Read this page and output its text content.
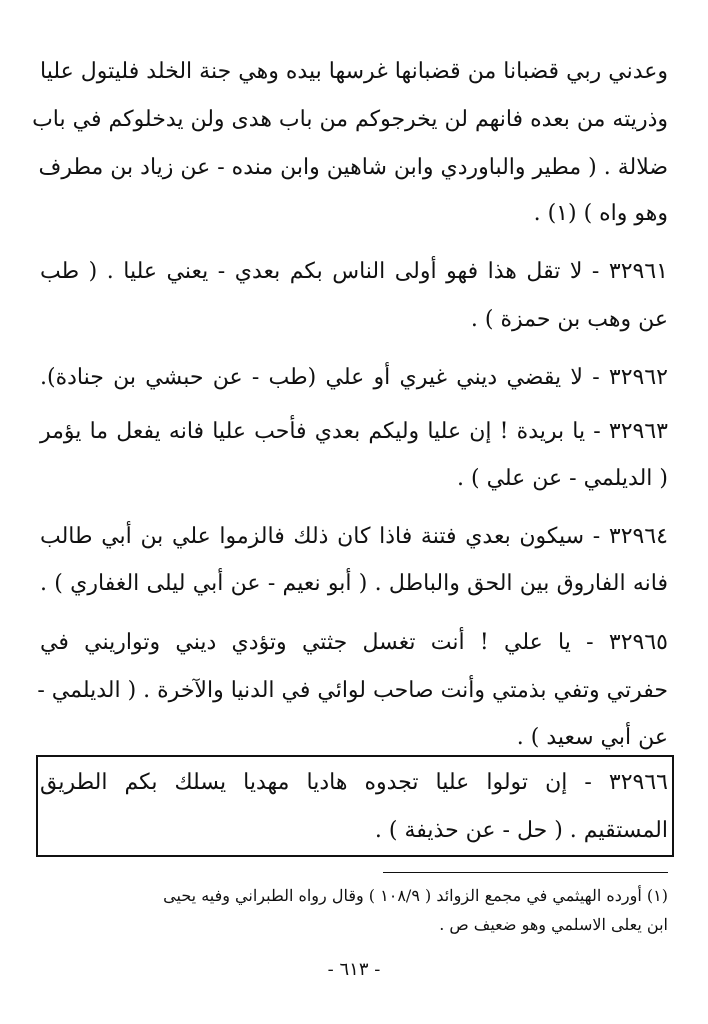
وعدني ربي قضبانا من قضبانها غرسها بيده وهي جنة الخلد فليتول عليا
وذريته من بعده فانهم لن يخرجوكم من باب هدى ولن يدخلوكم في باب
ضلالة . ( مطير والباوردي وابن شاهين وابن منده - عن زياد بن مطرف
وهو واه ) (١) .
٣٢٩٦١ - لا تقل هذا فهو أولى الناس بكم بعدي - يعني عليا . ( طب
عن وهب بن حمزة ) .
٣٢٩٦٢ - لا يقضي ديني غيري أو علي (طب - عن حبشي بن جنادة).
٣٢٩٦٣ - يا بريدة ! إن عليا وليكم بعدي فأحب عليا فانه يفعل ما يؤمر
( الديلمي - عن علي ) .
٣٢٩٦٤ - سيكون بعدي فتنة فاذا كان ذلك فالزموا علي بن أبي طالب
فانه الفاروق بين الحق والباطل . ( أبو نعيم - عن أبي ليلى الغفاري ) .
٣٢٩٦٥ - يا علي ! أنت تغسل جثتي وتؤدي ديني وتواريني في
حفرتي وتفي بذمتي وأنت صاحب لوائي في الدنيا والآخرة . ( الديلمي -
عن أبي سعيد ) .
٣٢٩٦٦ - إن تولوا عليا تجدوه هاديا مهديا يسلك بكم الطريق
المستقيم . ( حل - عن حذيفة ) .
(١) أورده الهيثمي في مجمع الزوائد ( ١٠٨/٩ ) وقال رواه الطبراني وفيه يحيى
ابن يعلى الاسلمي وهو ضعيف ص .
- ٦١٣ -
